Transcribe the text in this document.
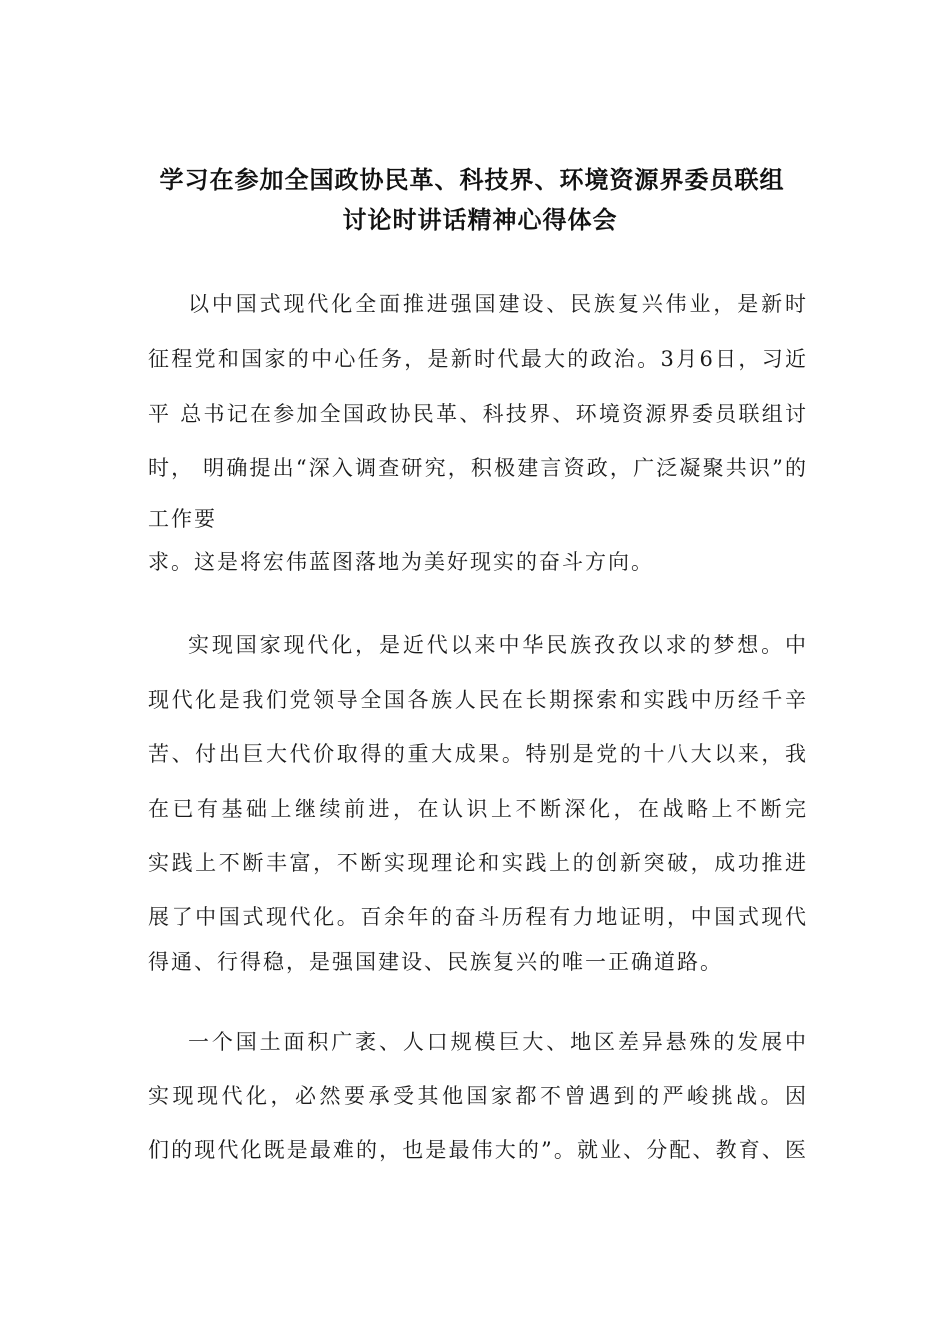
学习在参加全国政协民革、科技界、环境资源界委员联组
讨论时讲话精神心得体会
以中国式现代化全面推进强国建设、民族复兴伟业，是新时
征程党和国家的中心任务，是新时代最大的政治。3月6日，习近
平 总书记在参加全国政协民革、科技界、环境资源界委员联组讨
时， 明确提出“深入调查研究，积极建言资政，广泛凝聚共识”的
工作要
求。这是将宏伟蓝图落地为美好现实的奋斗方向。
实现国家现代化，是近代以来中华民族孜孜以求的梦想。中
现代化是我们党领导全国各族人民在长期探索和实践中历经千辛
苦、付出巨大代价取得的重大成果。特别是党的十八大以来，我
在已有基础上继续前进，在认识上不断深化，在战略上不断完
实践上不断丰富，不断实现理论和实践上的创新突破，成功推进
展了中国式现代化。百余年的奋斗历程有力地证明，中国式现代
得通、行得稳，是强国建设、民族复兴的唯一正确道路。
一个国土面积广袤、人口规模巨大、地区差异悬殊的发展中
实现现代化，必然要承受其他国家都不曾遇到的严峻挑战。因
们的现代化既是最难的，也是最伟大的”。就业、分配、教育、医
